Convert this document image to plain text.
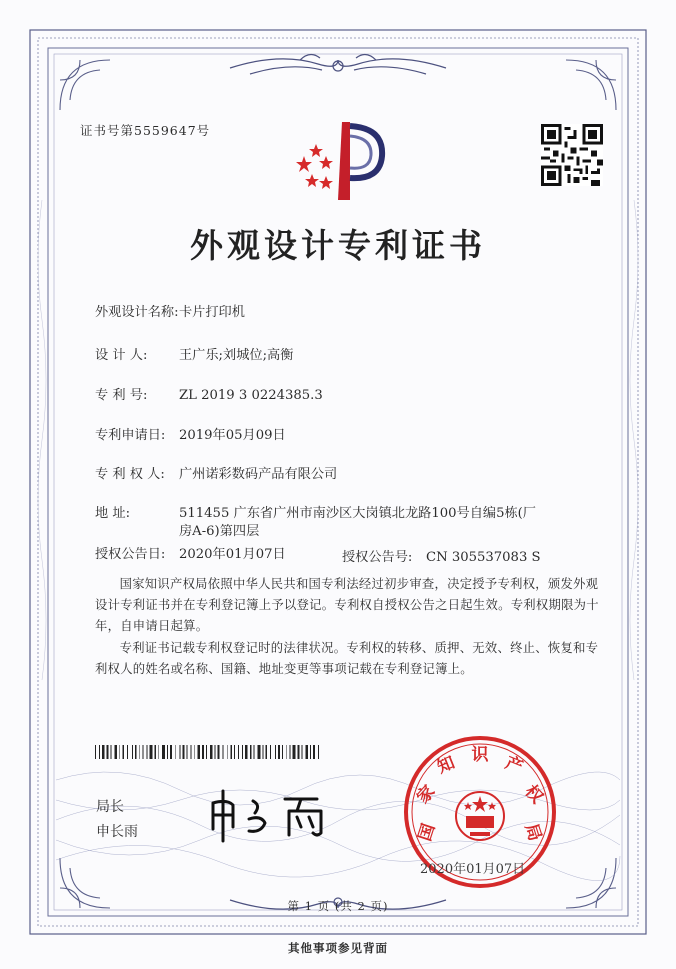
证书号第5559647号
外观设计专利证书
外观设计名称:卡片打印机
设 计 人: 王广乐;刘城位;高衡
专 利 号: ZL 2019 3 0224385.3
专利申请日: 2019年05月09日
专 利 权 人: 广州诺彩数码产品有限公司
地 址:	511455 广东省广州市南沙区大岗镇北龙路100号自编5栋(厂房A-6)第四层
授权公告日: 2020年01月07日	授权公告号: CN 305537083 S
国家知识产权局依照中华人民共和国专利法经过初步审查，决定授予专利权，颁发外观设计专利证书并在专利登记簿上予以登记。专利权自授权公告之日起生效。专利权期限为十年，自申请日起算。
专利证书记载专利权登记时的法律状况。专利权的转移、质押、无效、终止、恢复和专利权人的姓名或名称、国籍、地址变更等事项记载在专利登记簿上。
局长
申长雨	国
家
知 识 产
权
局
2020年01月07日
第 1 页 (共 2 页)
其他事项参见背面
